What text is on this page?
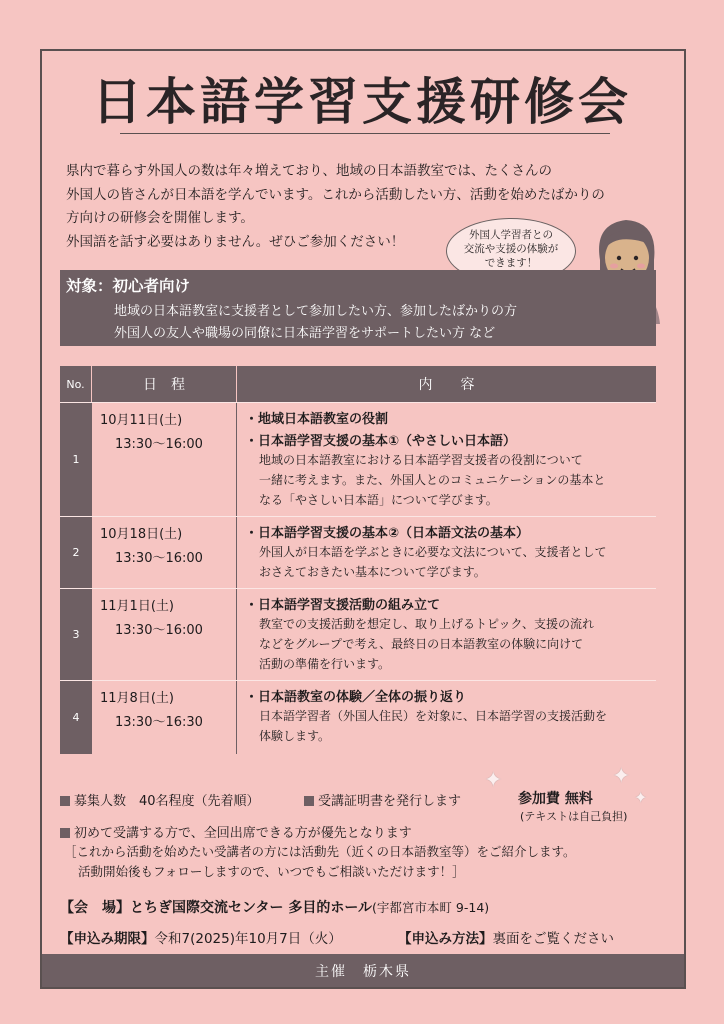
日本語学習支援研修会
県内で暮らす外国人の数は年々増えており、地域の日本語教室では、たくさんの
外国人の皆さんが日本語を学んでいます。これから活動したい方、活動を始めたばかりの
方向けの研修会を開催します。
外国語を話す必要はありません。ぜひご参加ください！	外国人学習者との
交流や支援の体験が
できます！
対象：初心者向け
地域の日本語教室に支援者として参加したい方、参加したばかりの方
外国人の友人や職場の同僚に日本語学習をサポートしたい方 など
No.	日　程	内　　容
1
10月11日(土)
13:30～16:00
・地域日本語教室の役割
・日本語学習支援の基本①（やさしい日本語）
地域の日本語教室における日本語学習支援者の役割について
一緒に考えます。また、外国人とのコミュニケーションの基本と
なる「やさしい日本語」について学びます。
2
10月18日(土)
13:30～16:00
・日本語学習支援の基本②（日本語文法の基本）
外国人が日本語を学ぶときに必要な文法について、支援者として
おさえておきたい基本について学びます。
3
11月1日(土)
13:30～16:00
・日本語学習支援活動の組み立て
教室での支援活動を想定し、取り上げるトピック、支援の流れ
などをグループで考え、最終日の日本語教室の体験に向けて
活動の準備を行います。
4
11月8日(土)
13:30～16:30
・日本語教室の体験／全体の振り返り
日本語学習者（外国人住民）を対象に、日本語学習の支援活動を
体験します。
✦	✦
✦
募集人数　40名程度（先着順）	受講証明書を発行します	参加費 無料
(テキストは自己負担)
初めて受講する方で、全回出席できる方が優先となります
［これから活動を始めたい受講者の方には活動先（近くの日本語教室等）をご紹介します。
活動開始後もフォローしますので、いつでもご相談いただけます！］
【会　場】とちぎ国際交流センター 多目的ホール(宇都宮市本町 9-14)
【申込み期限】令和7(2025)年10月7日（火）	【申込み方法】裏面をご覧ください
主催　栃木県
